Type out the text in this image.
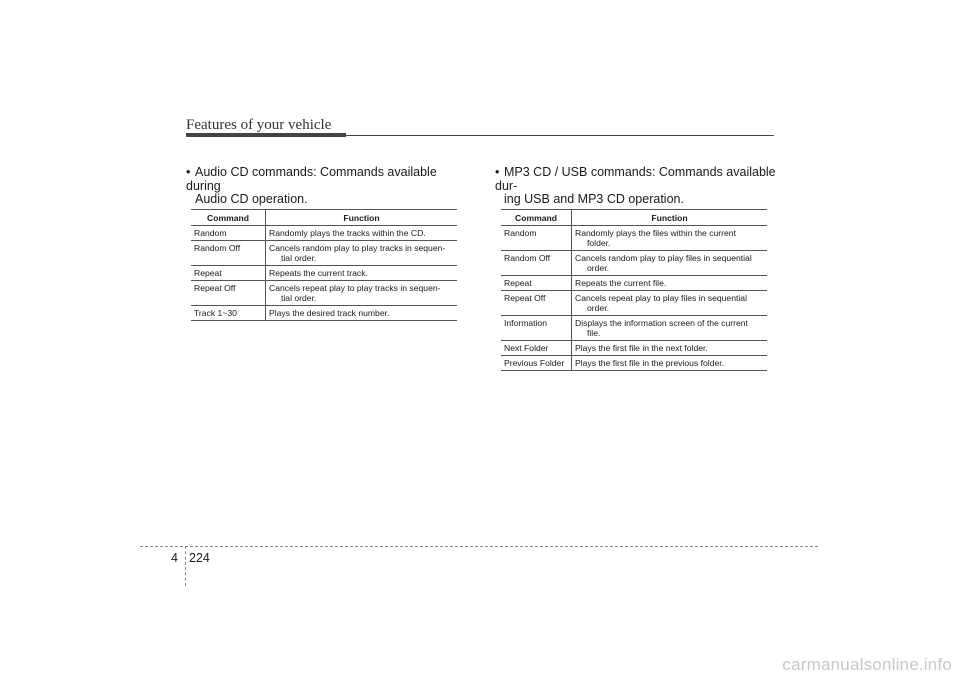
Features of your vehicle
• Audio CD commands: Commands available during
Audio CD operation.
Command	Function
Random	Randomly plays the tracks within the CD.
Random Off	Cancels random play to play tracks in sequen-
tial order.

Repeat	Repeats the current track.
Repeat Off	Cancels repeat play to play tracks in sequen-
tial order.

Track 1~30	Plays the desired track number.
• MP3 CD / USB commands: Commands available dur-
ing USB and MP3 CD operation.
Command	Function
Random	Randomly plays the files within the current
folder.

Random Off	Cancels random play to play files in sequential
order.

Repeat	Repeats the current file.
Repeat Off	Cancels repeat play to play files in sequential
order.

Information	Displays the information screen of the current
file.

Next Folder	Plays the first file in the next folder.
Previous Folder	Plays the first file in the previous folder.
4 224
carmanualsonline.info
